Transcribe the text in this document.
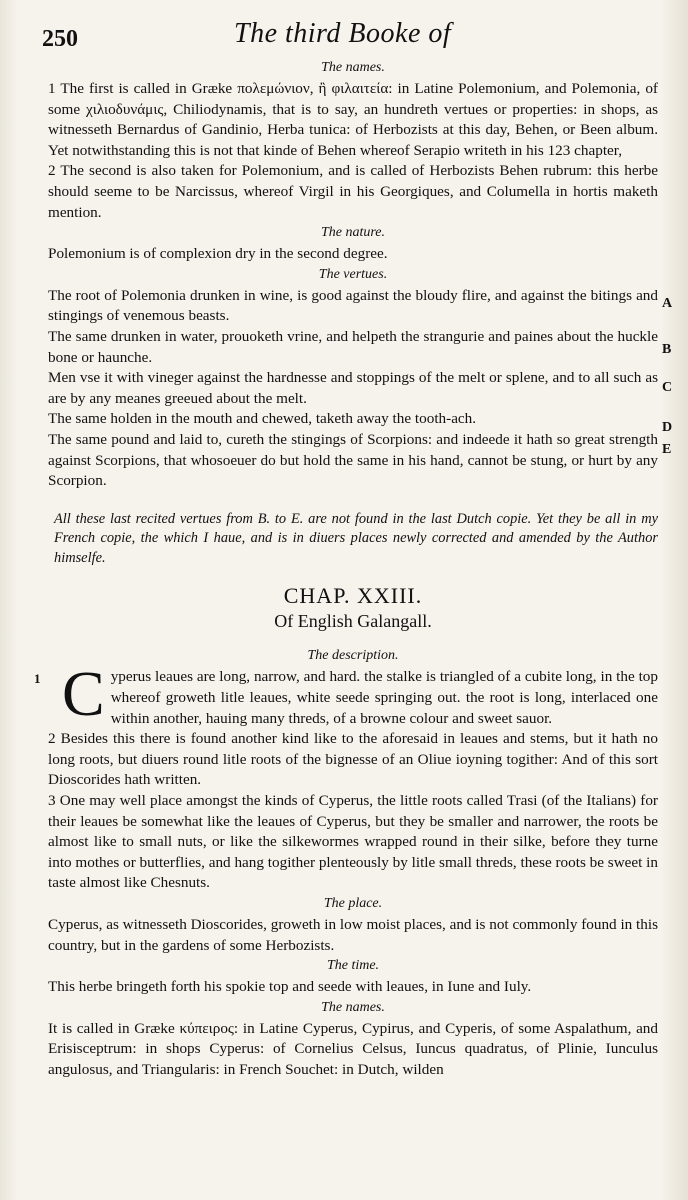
250	The third Booke of
The names.

1 The first is called in Græke πολεμώνιον, ἢ φιλαιτεία: in Latine Polemonium, and Polemonia, of some χιλιοδυνάμις, Chiliodynamis, that is to say, an hundreth vertues or properties: in shops, as witnesseth Bernardus of Gandinio, Herba tunica: of Herbozists at this day, Behen, or Been album. Yet notwithstanding this is not that kinde of Behen whereof Serapio writeth in his 123 chapter,

2 The second is also taken for Polemonium, and is called of Herbozists Behen rubrum: this herbe should seeme to be Narcissus, whereof Virgil in his Georgiques, and Columella in hortis maketh mention.

The nature.

Polemonium is of complexion dry in the second degree.

The vertues.

The root of Polemonia drunken in wine, is good against the bloudy flire, and against the bitings and stingings of venemous beasts.

The same drunken in water, prouoketh vrine, and helpeth the strangurie and paines about the huckle bone or haunche.

Men vse it with vineger against the hardnesse and stoppings of the melt or splene, and to all such as are by any meanes greeued about the melt.

The same holden in the mouth and chewed, taketh away the tooth-ach.

The same pound and laid to, cureth the stingings of Scorpions: and indeede it hath so great strength against Scorpions, that whosoeuer do but hold the same in his hand, cannot be stung, or hurt by any Scorpion.

All these last recited vertues from B. to E. are not found in the last Dutch copie. Yet they be all in my French copie, the which I haue, and is in diuers places newly corrected and amended by the Author himselfe.

CHAP. XXIII.
Of English Galangall.
The description.

1 C yperus leaues are long, narrow, and hard. the stalke is triangled of a cubite long, in the top whereof groweth litle leaues, white seede springing out. the root is long, interlaced one within another, hauing many threds, of a browne colour and sweet sauor.

2 Besides this there is found another kind like to the aforesaid in leaues and stems, but it hath no long roots, but diuers round litle roots of the bignesse of an Oliue ioyning togither: And of this sort Dioscorides hath written.

3 One may well place amongst the kinds of Cyperus, the little roots called Trasi (of the Italians) for their leaues be somewhat like the leaues of Cyperus, but they be smaller and narrower, the roots be almost like to small nuts, or like the silkewormes wrapped round in their silke, before they turne into mothes or butterflies, and hang togither plenteously by litle small threds, these roots be sweet in taste almost like Chesnuts.

The place.

Cyperus, as witnesseth Dioscorides, groweth in low moist places, and is not commonly found in this country, but in the gardens of some Herbozists.

The time.

This herbe bringeth forth his spokie top and seede with leaues, in Iune and Iuly.

The names.

It is called in Græke κύπειρος: in Latine Cyperus, Cypirus, and Cyperis, of some Aspalathum, and Erisisceptrum: in shops Cyperus: of Cornelius Celsus, Iuncus quadratus, of Plinie, Iunculus angulosus, and Triangularis: in French Souchet: in Dutch, wilden

A
B
C
D
E
